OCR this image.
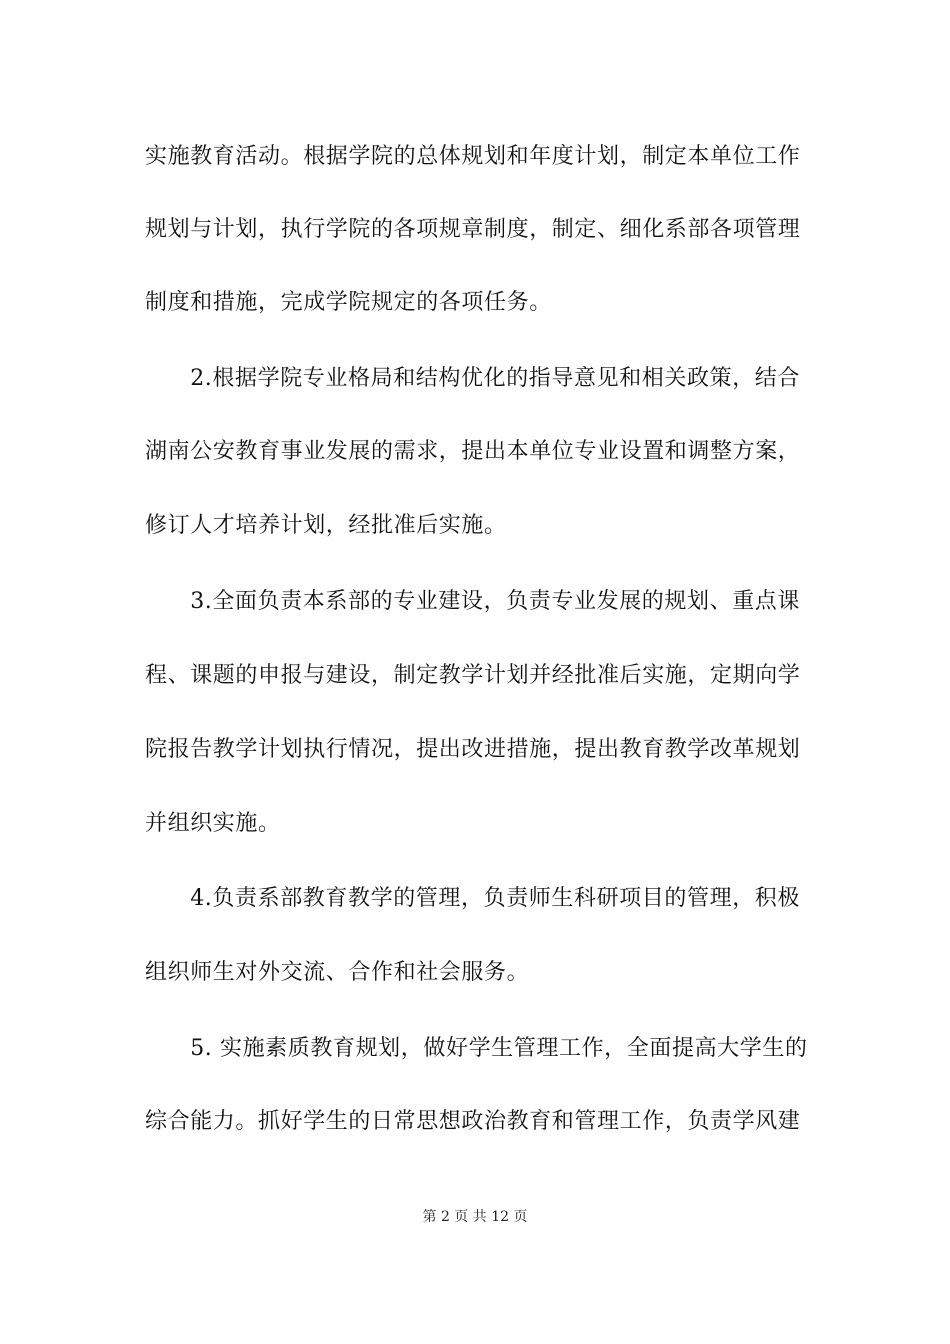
实施教育活动。根据学院的总体规划和年度计划，制定本单位工作
规划与计划，执行学院的各项规章制度，制定、细化系部各项管理
制度和措施，完成学院规定的各项任务。
　　2.根据学院专业格局和结构优化的指导意见和相关政策，结合
湖南公安教育事业发展的需求，提出本单位专业设置和调整方案，
修订人才培养计划，经批准后实施。
　　3.全面负责本系部的专业建设，负责专业发展的规划、重点课
程、课题的申报与建设，制定教学计划并经批准后实施，定期向学
院报告教学计划执行情况，提出改进措施，提出教育教学改革规划
并组织实施。
　　4.负责系部教育教学的管理，负责师生科研项目的管理，积极
组织师生对外交流、合作和社会服务。
　　5. 实施素质教育规划，做好学生管理工作，全面提高大学生的
综合能力。抓好学生的日常思想政治教育和管理工作，负责学风建
第 2 页 共 12 页
